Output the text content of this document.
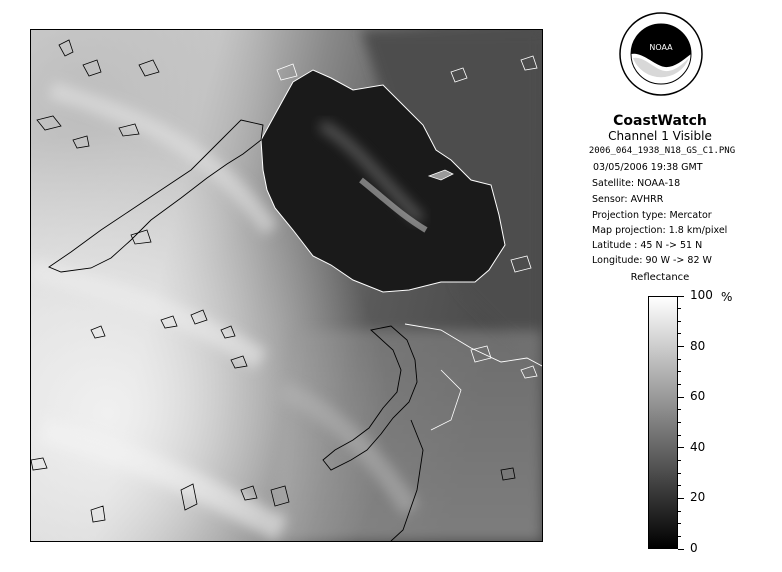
NOAA
CoastWatch
Channel 1 Visible
2006_064_1938_N18_GS_C1.PNG
03/05/2006 19:38 GMT
Satellite: NOAA-18
Sensor: AVHRR
Projection type: Mercator
Map projection: 1.8 km/pixel
Latitude : 45 N -> 51 N
Longitude: 90 W -> 82 W
Reflectance
100
80
60
40
20
0
%
